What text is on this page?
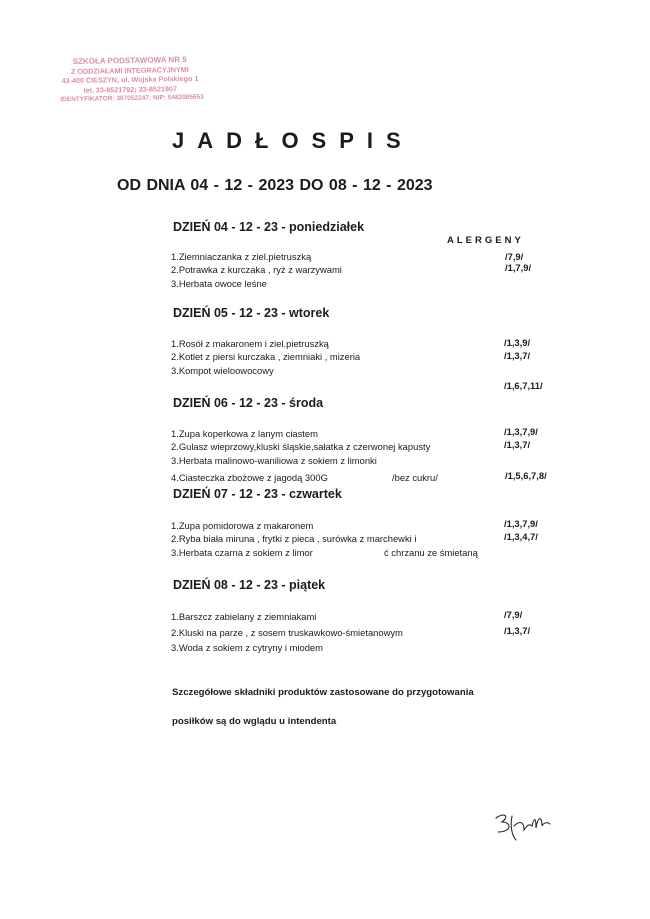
SZKOŁA PODSTAWOWA NR 5
Z ODDZIAŁAMI INTEGRACYJNYMI
43-400 CIESZYN, ul. Wojska Polskiego 1
tel. 33-8521792; 33-8521907
IDENTYFIKATOR: 367052247; NIP: 5482085653
JADŁOSPIS
OD DNIA 04 - 12 - 2023 DO 08 - 12 - 2023
ALERGENY
DZIEŃ 04 - 12 - 23 - poniedziałek
1.Ziemniaczanka z ziel.pietruszką	/7,9/
2.Potrawka z kurczaka , ryż z warzywami	/1,7,9/
3.Herbata owoce leśne
DZIEŃ 05 - 12 - 23 - wtorek
1.Rosół z makaronem i ziel.pietruszką	/1,3,9/
2.Kotlet z piersi kurczaka , ziemniaki , mizeria	/1,3,7/
3.Kompot wieloowocowy
/1,6,7,11/
DZIEŃ 06 - 12 - 23 - środa
1.Zupa koperkowa z lanym ciastem	/1,3,7,9/
2.Gulasz wieprzowy,kluski śląskie,sałatka z czerwonej kapusty	/1,3,7/
3.Herbata malinowo-waniliowa z sokiem z limonki
4.Ciasteczka zbożowe z jagodą 300G	/bez cukru/	/1,5,6,7,8/
DZIEŃ 07 - 12 - 23 - czwartek
1.Zupa pomidorowa z makaronem	/1,3,7,9/
2.Ryba biała miruna , frytki z pieca , surówka z marchewki i	/1,3,4,7/
3.Herbata czarna z sokiem z limor	ć chrzanu ze śmietaną
DZIEŃ 08 - 12 - 23 - piątek
1.Barszcz zabielany z ziemniakami	/7,9/
2.Kluski na parze , z sosem truskawkowo-śmietanowym	/1,3,7/
3.Woda z sokiem z cytryny i miodem
Szczegółowe składniki produktów zastosowane do przygotowania
posiłków są do wglądu u intendenta
